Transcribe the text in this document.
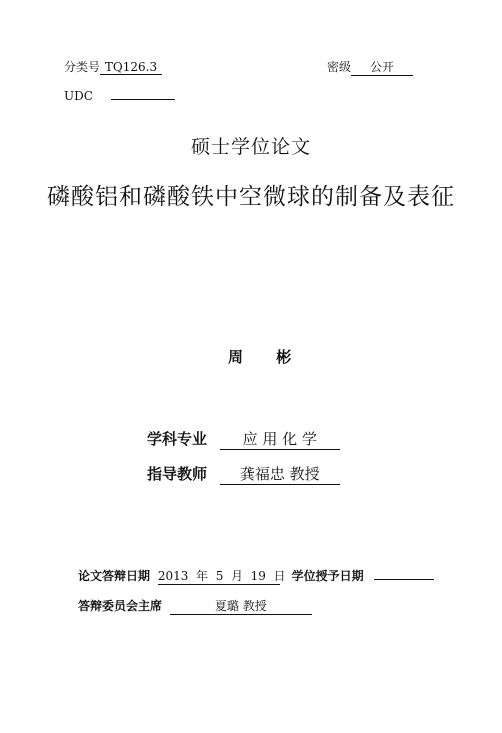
分类号 TQ126.3	密级 公开
UDC
硕士学位论文
磷酸铝和磷酸铁中空微球的制备及表征
周 彬
学科专业 应 用 化 学
指导教师 龚福忠 教授
论文答辩日期 2013 年 5 月 19 日 学位授予日期
答辩委员会主席	夏璐 教授
